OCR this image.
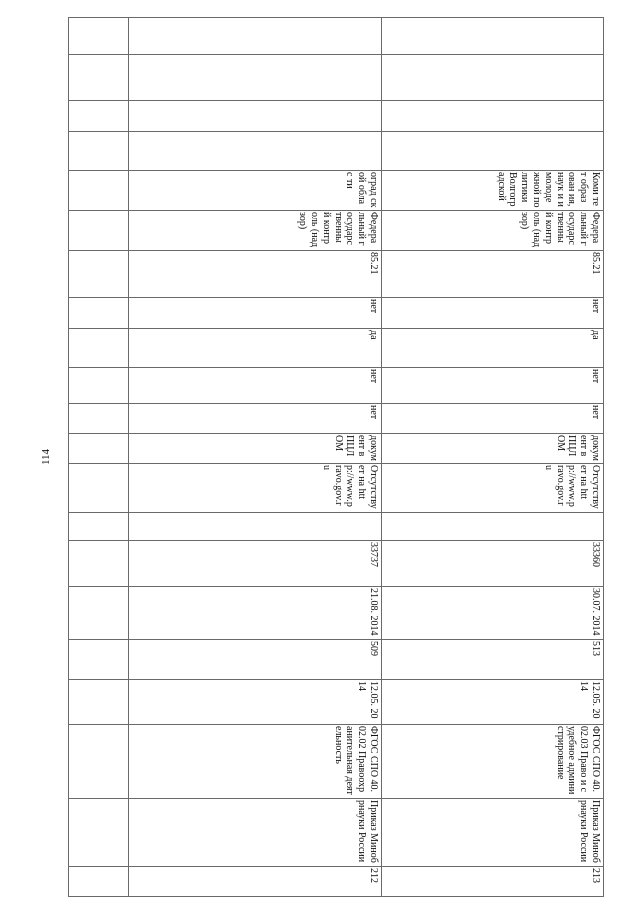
114
оград ской облас ти	Коми тет образ ован ия, наук и и молодежной политики Волгоградской
212
Приказ Минобрнауки России
ФГОС СПО 40.02.02 Правоохранительная деятельность
12.05. 2014
509
21.08. 2014
33737
Отсутствует на http://www.pravo.gov.ru
документ в ПЦЛОМ
нет
нет
да
нет
85.21
Федеральный государственный контроль (надзор)
213
Приказ Минобрнауки России
ФГОС СПО 40.02.03 Право и судебное администрирование
12.05. 2014
513
30.07. 2014
33360
Отсутствует на http://www.pravo.gov.ru
документ в ПЦЛОМ
нет
нет
да
нет
85.21
Федеральный государственный контроль (надзор)
